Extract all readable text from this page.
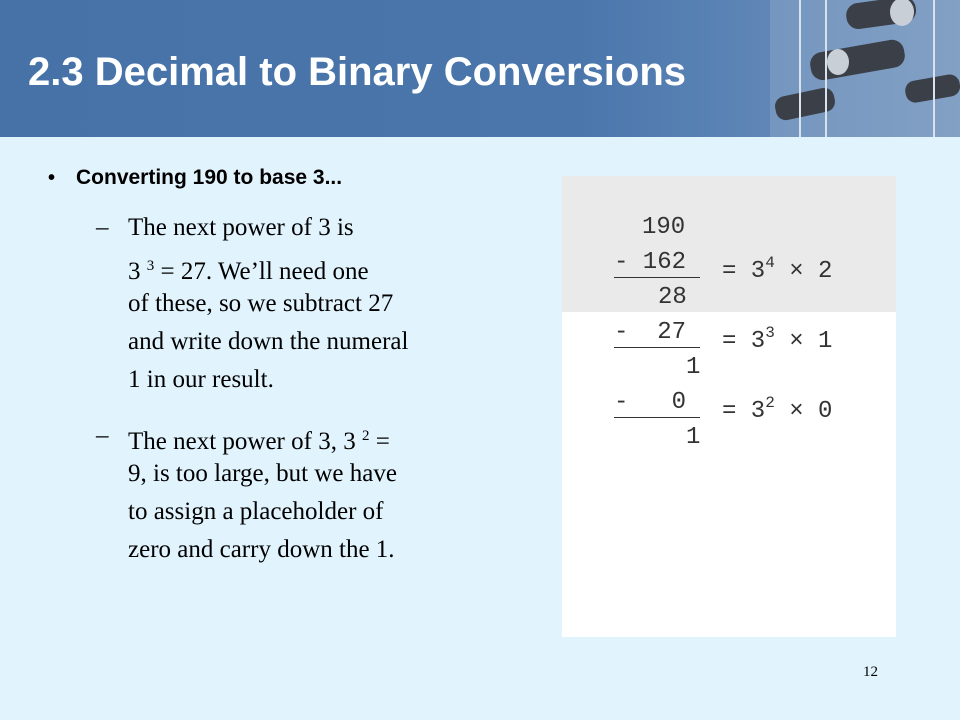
2.3 Decimal to Binary Conversions
• Converting 190 to base 3...
– The next power of 3 is
3 $^3$ = 27. We’ll need one
of these, so we subtract 27
and write down the numeral
1 in our result.
– The next power of 3, 3 $^2$ =
9, is too large, but we have
to assign a placeholder of
zero and carry down the 1.
190
- $162 = 3^4 \times 2$
28
-  $27 = 3^3 \times 1$
1
-   $0 = 3^2 \times 0$
1
12
